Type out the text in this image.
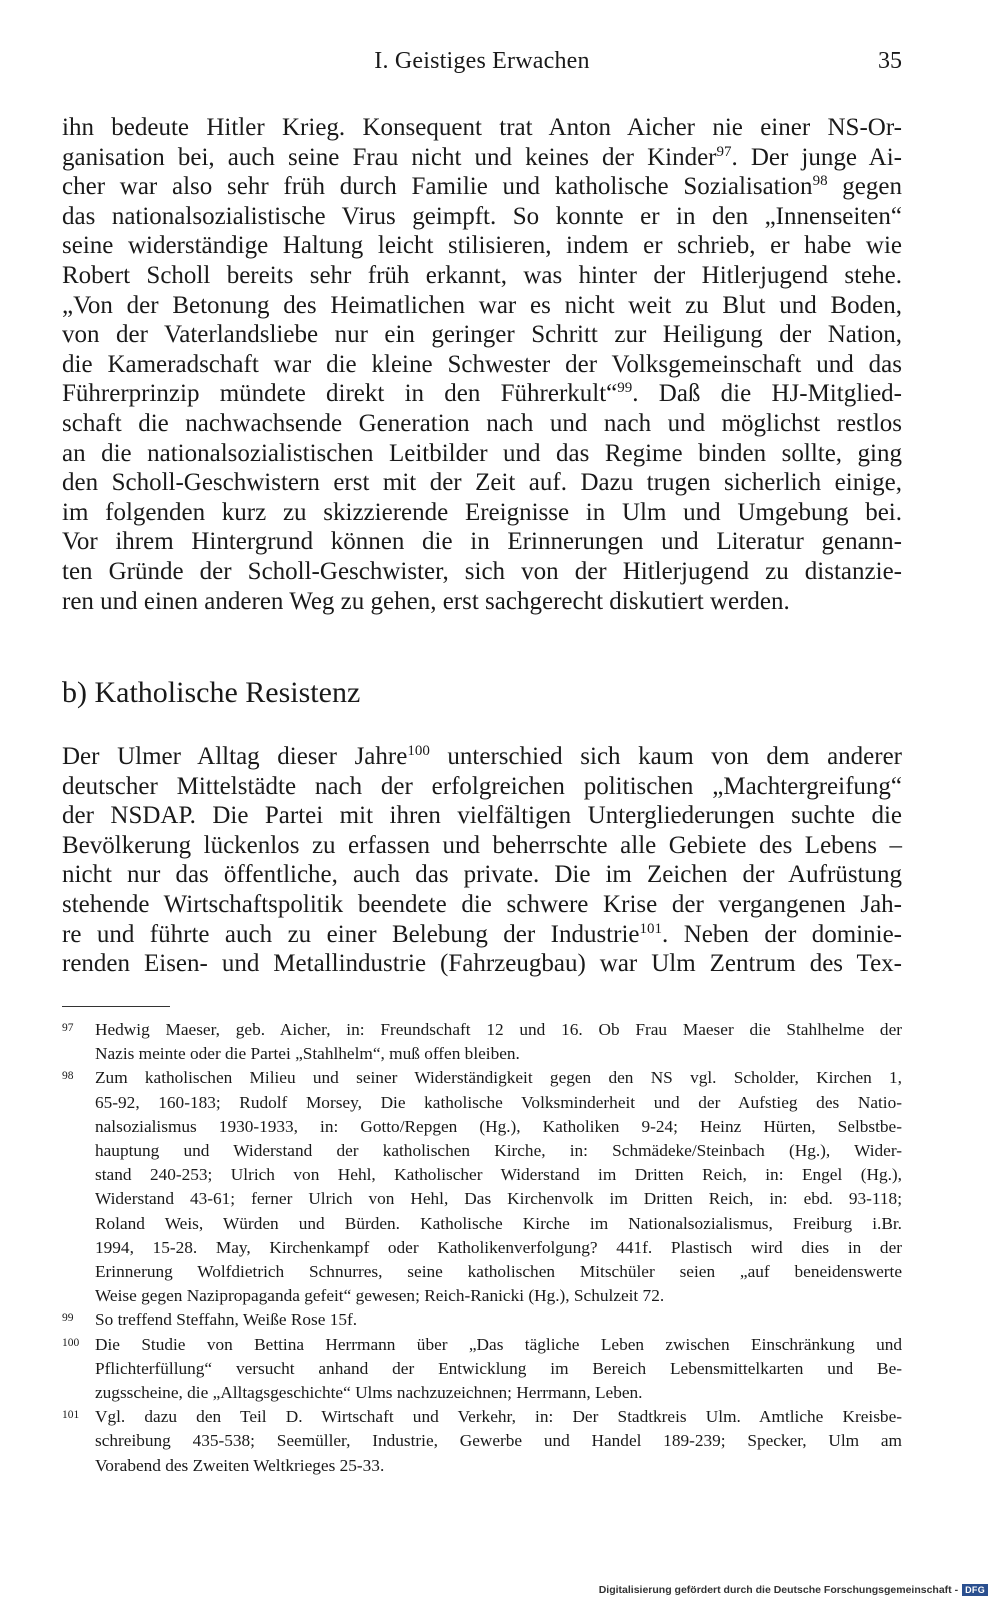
I. Geistiges Erwachen	35
ihn bedeute Hitler Krieg. Konsequent trat Anton Aicher nie einer NS-Or-
ganisation bei, auch seine Frau nicht und keines der Kinder$^{97}$. Der junge Ai-
cher war also sehr früh durch Familie und katholische Sozialisation$^{98}$ gegen
das nationalsozialistische Virus geimpft. So konnte er in den „Innenseiten“
seine widerständige Haltung leicht stilisieren, indem er schrieb, er habe wie
Robert Scholl bereits sehr früh erkannt, was hinter der Hitlerjugend stehe.
„Von der Betonung des Heimatlichen war es nicht weit zu Blut und Boden,
von der Vaterlandsliebe nur ein geringer Schritt zur Heiligung der Nation,
die Kameradschaft war die kleine Schwester der Volksgemeinschaft und das
Führerprinzip mündete direkt in den Führerkult“$^{99}$. Daß die HJ-Mitglied-
schaft die nachwachsende Generation nach und nach und möglichst restlos
an die nationalsozialistischen Leitbilder und das Regime binden sollte, ging
den Scholl-Geschwistern erst mit der Zeit auf. Dazu trugen sicherlich einige,
im folgenden kurz zu skizzierende Ereignisse in Ulm und Umgebung bei.
Vor ihrem Hintergrund können die in Erinnerungen und Literatur genann-
ten Gründe der Scholl-Geschwister, sich von der Hitlerjugend zu distanzie-
ren und einen anderen Weg zu gehen, erst sachgerecht diskutiert werden.
b) Katholische Resistenz
Der Ulmer Alltag dieser Jahre$^{100}$ unterschied sich kaum von dem anderer
deutscher Mittelstädte nach der erfolgreichen politischen „Machtergreifung“
der NSDAP. Die Partei mit ihren vielfältigen Untergliederungen suchte die
Bevölkerung lückenlos zu erfassen und beherrschte alle Gebiete des Lebens –
nicht nur das öffentliche, auch das private. Die im Zeichen der Aufrüstung
stehende Wirtschaftspolitik beendete die schwere Krise der vergangenen Jah-
re und führte auch zu einer Belebung der Industrie$^{101}$. Neben der dominie-
renden Eisen- und Metallindustrie (Fahrzeugbau) war Ulm Zentrum des Tex-
97 Hedwig Maeser, geb. Aicher, in: Freundschaft 12 und 16. Ob Frau Maeser die Stahlhelme der
Nazis meinte oder die Partei „Stahlhelm“, muß offen bleiben.
98 Zum katholischen Milieu und seiner Widerständigkeit gegen den NS vgl. Scholder, Kirchen 1,
65-92, 160-183; Rudolf Morsey, Die katholische Volksminderheit und der Aufstieg des Natio-
nalsozialismus 1930-1933, in: Gotto/Repgen (Hg.), Katholiken 9-24; Heinz Hürten, Selbstbe-
hauptung und Widerstand der katholischen Kirche, in: Schmädeke/Steinbach (Hg.), Wider-
stand 240-253; Ulrich von Hehl, Katholischer Widerstand im Dritten Reich, in: Engel (Hg.),
Widerstand 43-61; ferner Ulrich von Hehl, Das Kirchenvolk im Dritten Reich, in: ebd. 93-118;
Roland Weis, Würden und Bürden. Katholische Kirche im Nationalsozialismus, Freiburg i.Br.
1994, 15-28. May, Kirchenkampf oder Katholikenverfolgung? 441f. Plastisch wird dies in der
Erinnerung Wolfdietrich Schnurres, seine katholischen Mitschüler seien „auf beneidenswerte
Weise gegen Nazipropaganda gefeit“ gewesen; Reich-Ranicki (Hg.), Schulzeit 72.
99 So treffend Steffahn, Weiße Rose 15f.
100 Die Studie von Bettina Herrmann über „Das tägliche Leben zwischen Einschränkung und
Pflichterfüllung“ versucht anhand der Entwicklung im Bereich Lebensmittelkarten und Be-
zugsscheine, die „Alltagsgeschichte“ Ulms nachzuzeichnen; Herrmann, Leben.
101 Vgl. dazu den Teil D. Wirtschaft und Verkehr, in: Der Stadtkreis Ulm. Amtliche Kreisbe-
schreibung 435-538; Seemüller, Industrie, Gewerbe und Handel 189-239; Specker, Ulm am
Vorabend des Zweiten Weltkrieges 25-33.
Digitalisierung gefördert durch die Deutsche Forschungsgemeinschaft - DFG
